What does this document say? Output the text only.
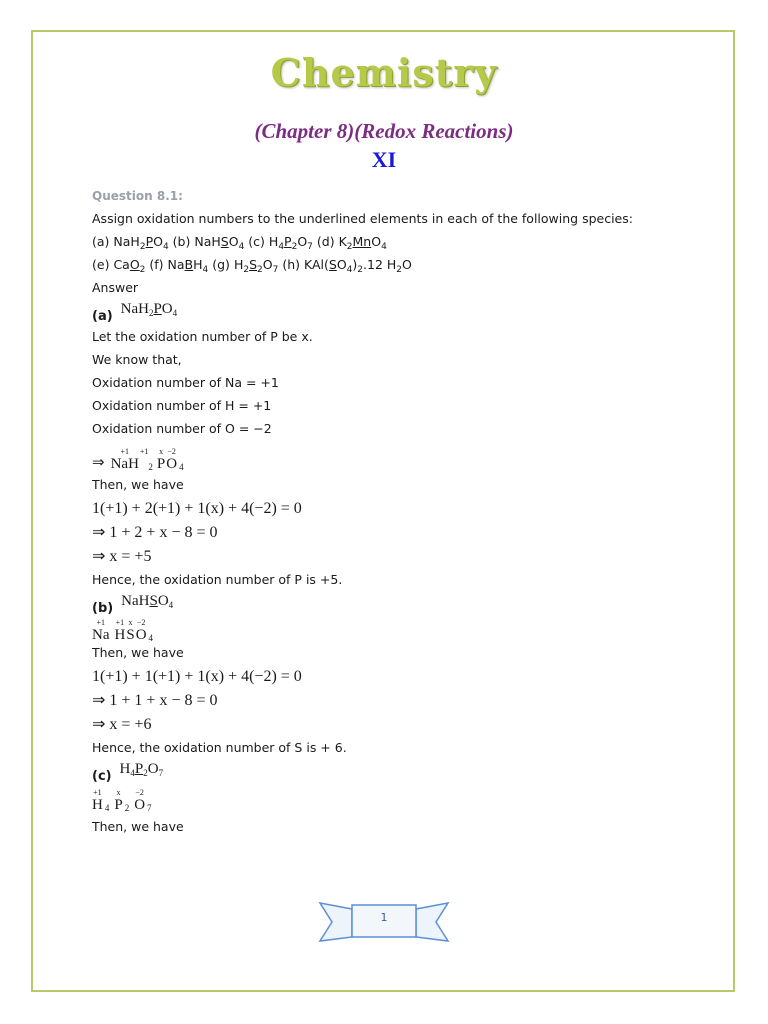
Chemistry
(Chapter 8)(Redox Reactions)
XI
Question 8.1:
Assign oxidation numbers to the underlined elements in each of the following species:
(a) $NaH_2PO_4$ (b) NaHSO$_4$ (c) $H_4P_2O_7$ (d) $K_2MnO_4$
(e) CaO$_2$ (f) NaBH$_4$ (g) $H_2S_2O_7$ (h) $KAl(SO_4)_2.12$ $H_2O$
Answer
(a) $NaH_2PO_4$
Let the oxidation number of P be x.
We know that,
Oxidation number of Na = +1
Oxidation number of H = +1
Oxidation number of O = −2
⇒
+1
NaH
+1
2
x
P
−2
O 4
Then, we have
1(+1) + 2(+1) + 1(x) + 4(−2) = 0
⇒ 1 + 2 + x − 8 = 0
⇒ x = +5
Hence, the oxidation number of P is +5.
(b) NaHSO$_4$
+1
Na
+1
H
x
S
−2
O 4
Then, we have
1(+1) + 1(+1) + 1(x) + 4(−2) = 0
⇒ 1 + 1 + x − 8 = 0
⇒ x = +6
Hence, the oxidation number of S is + 6.
(c) $H_4P_2O_7$
+1
H 4
x
P 2
−2
O 7
Then, we have
1
